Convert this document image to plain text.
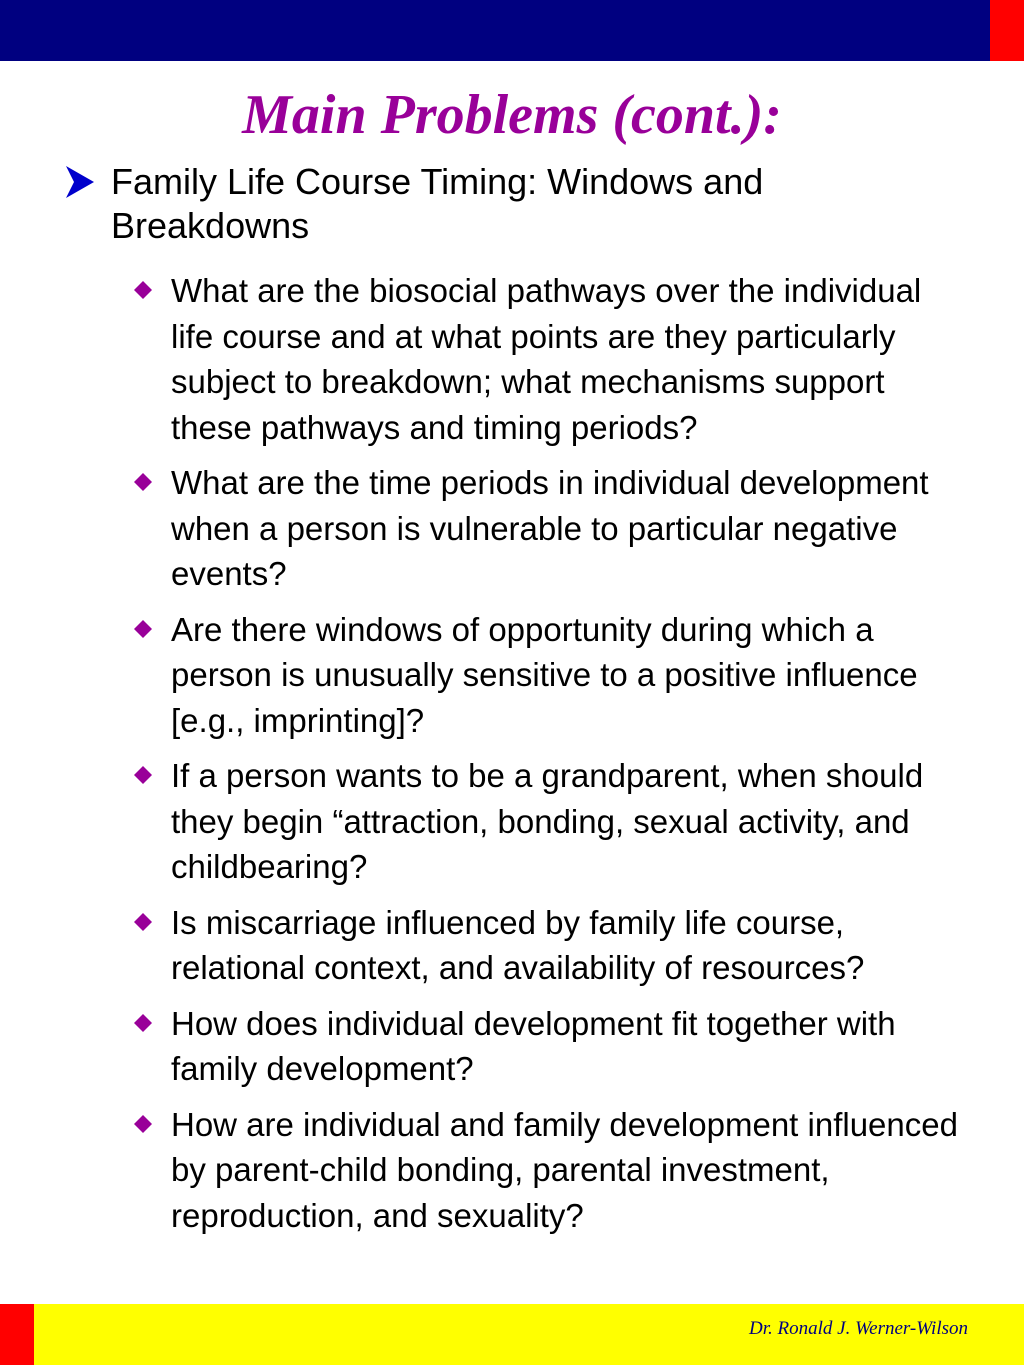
Main Problems (cont.):
Family Life Course Timing: Windows and Breakdowns
What are the biosocial pathways over the individual life course and at what points are they particularly subject to breakdown; what mechanisms support these pathways and timing periods?
What are the time periods in individual development when a person is vulnerable to particular negative events?
Are there windows of opportunity during which a person is unusually sensitive to a positive influence [e.g., imprinting]?
If a person wants to be a grandparent, when should they begin “attraction, bonding, sexual activity, and childbearing?
Is miscarriage influenced by family life course, relational context, and availability of resources?
How does individual development fit together with family development?
How are individual and family development influenced by parent-child bonding, parental investment, reproduction, and sexuality?
Dr. Ronald J. Werner-Wilson
